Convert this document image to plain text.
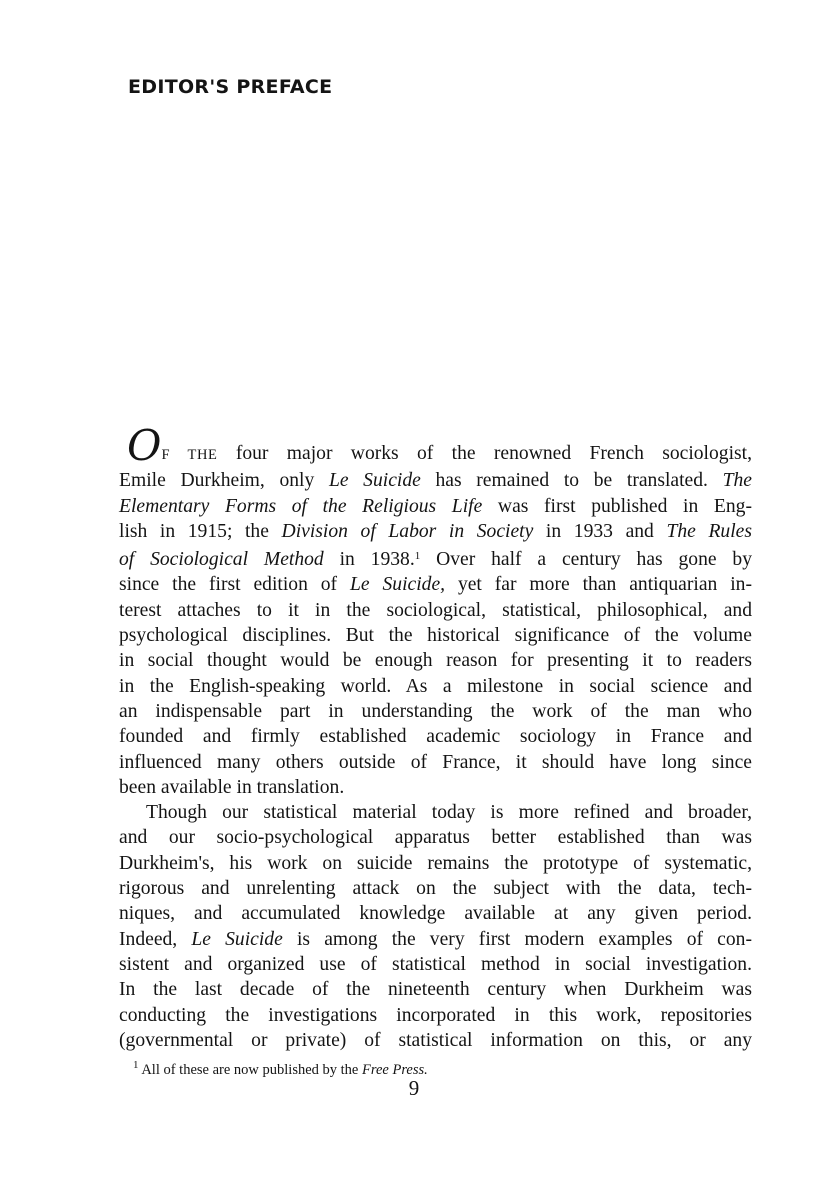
EDITOR'S PREFACE
OF THE four major works of the renowned French sociologist,
Emile Durkheim, only Le Suicide has remained to be translated. The
Elementary Forms of the Religious Life was first published in Eng-
lish in 1915; the Division of Labor in Society in 1933 and The Rules
of Sociological Method in 1938.$^1$ Over half a century has gone by
since the first edition of Le Suicide, yet far more than antiquarian in-
terest attaches to it in the sociological, statistical, philosophical, and
psychological disciplines. But the historical significance of the volume
in social thought would be enough reason for presenting it to readers
in the English-speaking world. As a milestone in social science and
an indispensable part in understanding the work of the man who
founded and firmly established academic sociology in France and
influenced many others outside of France, it should have long since
been available in translation.
Though our statistical material today is more refined and broader,
and our socio-psychological apparatus better established than was
Durkheim's, his work on suicide remains the prototype of systematic,
rigorous and unrelenting attack on the subject with the data, tech-
niques, and accumulated knowledge available at any given period.
Indeed, Le Suicide is among the very first modern examples of con-
sistent and organized use of statistical method in social investigation.
In the last decade of the nineteenth century when Durkheim was
conducting the investigations incorporated in this work, repositories
(governmental or private) of statistical information on this, or any
$^1$ All of these are now published by the Free Press.
9
